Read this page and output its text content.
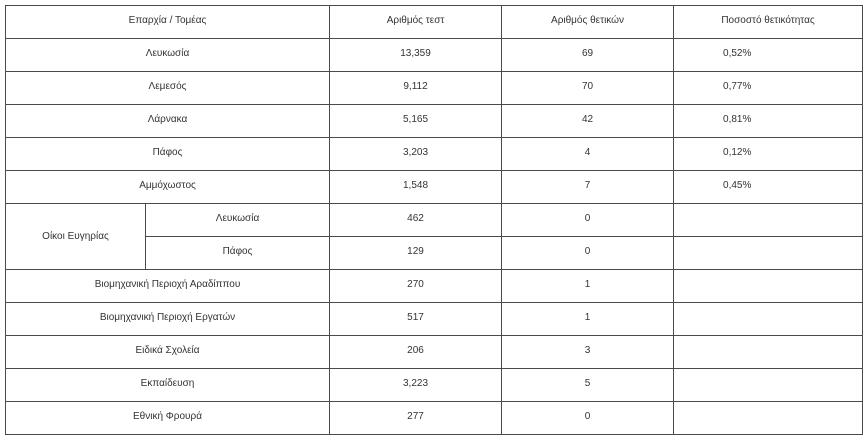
Επαρχία / Τομέας		Αριθμός τεστ	Αριθμός θετικών	Ποσοστό θετικότητας
Λευκωσία		13,359	69	0,52%
Λεμεσός		9,112	70	0,77%
Λάρνακα		5,165	42	0,81%
Πάφος		3,203	4	0,12%
Αμμόχωστος		1,548	7	0,45%
Οίκοι Ευγηρίας	Λευκωσία	462	0	
	Πάφος	129	0	
Βιομηχανική Περιοχή Αραδίππου		270	1	
Βιομηχανική Περιοχή Εργατών		517	1	
Ειδικά Σχολεία		206	3	
Εκπαίδευση		3,223	5	
Εθνική Φρουρά		277	0	
